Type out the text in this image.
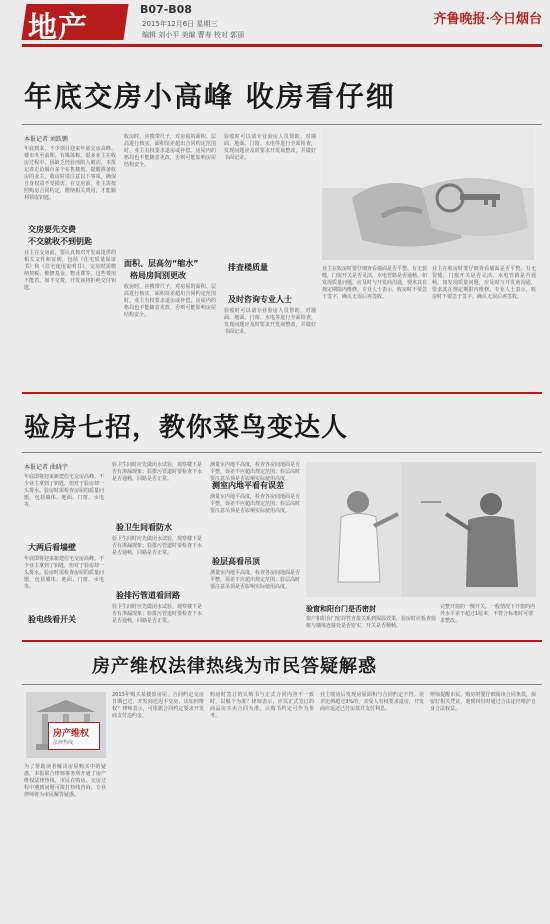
地产
B07-B08
2015年12月6日 星期三
编辑 刘小平 美编 曹寿 校对 郭丽
齐鲁晚报·今日烟台
年底交房小高峰 收房看仔细
本报记者 刘跃鹏
年底到来，不少项目迎来年底交房高峰。楼市冬至前期，有媒体称，很多业主在收房过程中，因缺乏经验而陷入被动。本报记者走访烟台多个在售楼盘，提醒准备收房的业主，收房时请注意以下事项，确保自身权益不受损害。在交房前，业主需按照购房合同约定，缴纳相关费用，才能顺利领取钥匙。
交房要先交费
不交就收不到钥匙
业主在交房前，要认真核对开发商提供的相关文件和证明，包括《住宅质量保证书》和《住宅使用说明书》。交房时需缴纳契税、维修基金、物业费等，这些费用不能省。如不交费，开发商将拒绝交付钥匙。
收房时，应携带尺子，对房屋的面积、层高进行核实，面积误差超出合同约定范围时，业主有权要求退房或补偿。房屋内的格局也不能随意更改，否则可能影响房屋结构安全。
面积、层高勿“缩水”
格局房间别更改
收房时，应携带尺子，对房屋的面积、层高进行核实，面积误差超出合同约定范围时，业主有权要求退房或补偿。房屋内的格局也不能随意更改，否则可能影响房屋结构安全。
验收时可以请专业验房人员帮助，对墙面、地面、门窗、水电等进行全面检查，发现问题应及时要求开发商整改，并做好书面记录。
排查楼质量
及时咨询专业人士
验收时可以请专业验房人员帮助，对墙面、地面、门窗、水电等进行全面检查，发现问题应及时要求开发商整改，并做好书面记录。
业主在收房时要仔细查看墙面是否平整、有无裂缝，门窗开关是否灵活，水电管路是否通畅。如发现质量问题，应及时与开发商沟通，要求其在规定期限内维修。专业人士表示，收房时不要急于签字，确认无误后再签收。
业主在收房时要仔细查看墙面是否平整、有无裂缝，门窗开关是否灵活，水电管路是否通畅。如发现质量问题，应及时与开发商沟通，要求其在规定期限内维修。专业人士表示，收房时不要急于签字，确认无误后再签收。
验房七招，教你菜鸟变达人
本报记者 曲晓宇
年底即将迎来新建住宅交房高峰。不少业主拿到了钥匙，但对于验房却一头雾水。验房时需检查房屋的质量问题，包括墙体、地面、门窗、水电等。
大两后看墙壁
年底即将迎来新建住宅交房高峰。不少业主拿到了钥匙，但对于验房却一头雾水。验房时需检查房屋的质量问题，包括墙体、地面、门窗、水电等。
验电线看开关
验卫生间时应先做闭水试验，观察楼下是否有渗漏现象；验排污管道时要检查下水是否通畅，回路是否正常。
验卫生间看防水
验卫生间时应先做闭水试验，观察楼下是否有渗漏现象；验排污管道时要检查下水是否通畅，回路是否正常。
验排污管道看回路
验卫生间时应先做闭水试验，观察楼下是否有渗漏现象；验排污管道时要检查下水是否通畅，回路是否正常。
测量室内地平高度，检查各房间地面是否平整，误差不应超出规定范围；验层高时要注意吊顶是否影响实际使用高度。
测室内地平看有误差
测量室内地平高度，检查各房间地面是否平整，误差不应超出规定范围；验层高时要注意吊顶是否影响实际使用高度。
验层高看吊顶
测量室内地平高度，检查各房间地面是否平整，误差不应超出规定范围；验层高时要注意吊顶是否影响实际使用高度。
验窗和阳台门是否密封
窗户和阳台门密封性直接关系到保温效果，验房时应检查窗框与墙体连接处是否密实，开关是否顺畅。
完整开窗的一侧开关，一般情况下开窗的内外水平差不超过1厘米，不符合标准时可要求整改。
房产维权法律热线为市民答疑解惑
房产维权
法律热线
为了帮助读者解决房屋购买中的疑惑，本报联合律师事务所开通了房产维权法律热线，市民在购房、交房过程中遇到问题可拨打热线咨询，专业律师将为市民解答疑惑。
2013年购买某楼盘房屋，合同约定交房日期已过，开发商迟迟不交房，该如何维权？律师表示，可依据合同约定要求开发商支付违约金。
购房时签订的认购书与正式合同内容不一致时，以哪个为准？律师表示，应以正式签订的商品房买卖合同为准，认购书约定可作为参考。
业主收房后发现房屋面积与合同约定不符，误差比例超过3%的，买受人有权要求退房，开发商应返还已付房款并支付利息。
律师提醒市民，购房时要仔细阅读合同条款，保留好相关凭证，遇到纠纷时通过合法途径维护自身合法权益。
